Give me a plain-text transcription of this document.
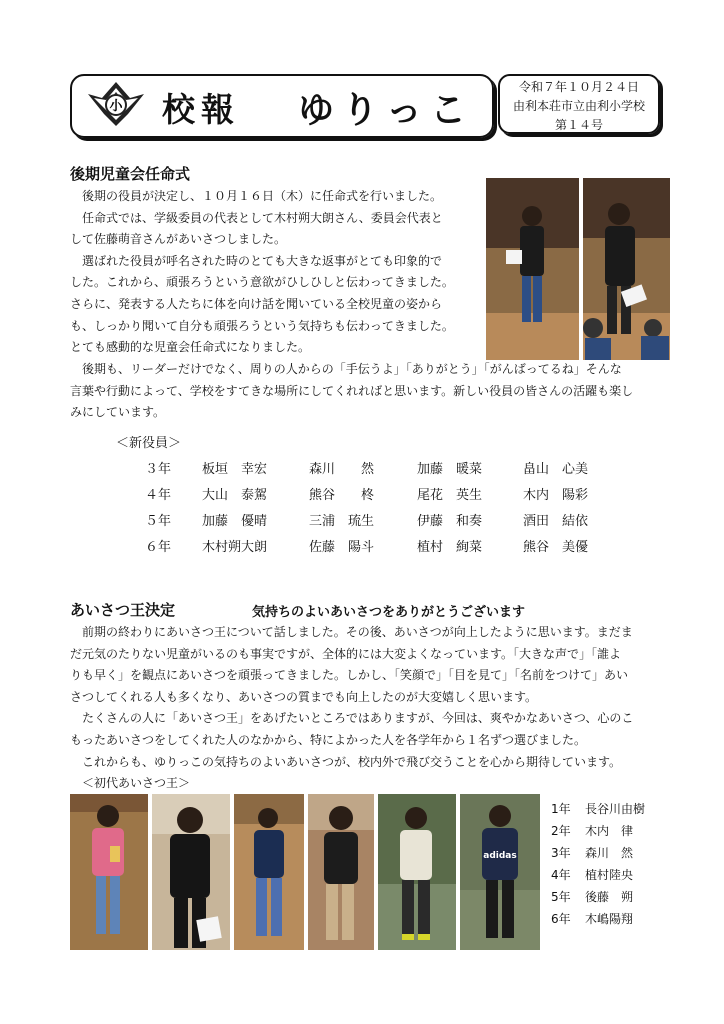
小 校報 ゆりっこ
令和７年１０月２４日
由利本荘市立由利小学校
第１４号
後期児童会任命式

後期の役員が決定し、１０月１６日（木）に任命式を行いました。

任命式では、学級委員の代表として木村朔大朗さん、委員会代表と

して佐藤萌音さんがあいさつしました。

選ばれた役員が呼名された時のとても大きな返事がとても印象的で

した。これから、頑張ろうという意欲がひしひしと伝わってきました。

さらに、発表する人たちに体を向け話を聞いている全校児童の姿から

も、しっかり聞いて自分も頑張ろうという気持ちも伝わってきました。

とても感動的な児童会任命式になりました。

後期も、リーダーだけでなく、周りの人からの「手伝うよ」「ありがとう」「がんばってるね」そんな

言葉や行動によって、学校をすてきな場所にしてくれればと思います。新しい役員の皆さんの活躍も楽し

みにしています。

＜新役員＞
３年 板垣　幸宏	森川　　然	加藤　暖菜	畠山　心美
４年 大山　泰駕	熊谷　　柊	尾花　英生	木内　陽彩
５年 加藤　優晴	三浦　琉生	伊藤　和奏	酒田　結依
６年 木村朔大朗	佐藤　陽斗	植村　絢菜	熊谷　美優
あいさつ王決定	気持ちのよいあいさつをありがとうございます

前期の終わりにあいさつ王について話しました。その後、あいさつが向上したように思います。まだま

だ元気のたりない児童がいるのも事実ですが、全体的には大変よくなっています。「大きな声で」「誰よ

りも早く」を観点にあいさつを頑張ってきました。しかし、「笑顔で」「目を見て」「名前をつけて」あい

さつしてくれる人も多くなり、あいさつの質までも向上したのが大変嬉しく思います。

たくさんの人に「あいさつ王」をあげたいところではありますが、今回は、爽やかなあいさつ、心のこ

もったあいさつをしてくれた人のなかから、特によかった人を各学年から１名ずつ選びました。

これからも、ゆりっこの気持ちのよいあいさつが、校内外で飛び交うことを心から期待しています。

＜初代あいさつ王＞
adidas
1年 長谷川由樹
2年 木内　律
3年 森川　然
4年 植村陸央
5年 後藤　朔
6年 木嶋陽翔
